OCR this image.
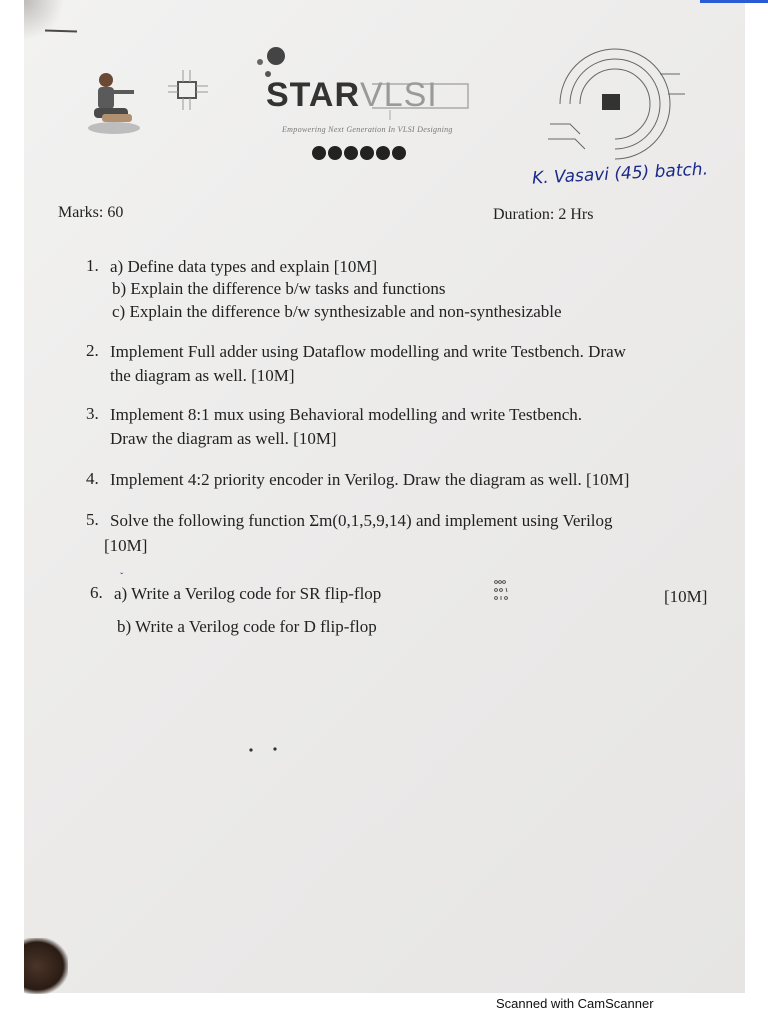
STARVLSI
Empowering Next Generation In VLSI Designing
K. Vasavi (45) batch.
Marks: 60	Duration: 2 Hrs
1. a) Define data types and explain [10M]
b) Explain the difference b/w tasks and functions
c) Explain the difference b/w synthesizable and non-synthesizable
2. Implement Full adder using Dataflow modelling and write Testbench. Draw
the diagram as well. [10M]
3. Implement 8:1 mux using Behavioral modelling and write Testbench.
Draw the diagram as well. [10M]
4. Implement 4:2 priority encoder in Verilog. Draw the diagram as well. [10M]
5. Solve the following function Σm(0,1,5,9,14) and implement using Verilog
[10M]
ˇ
6. a) Write a Verilog code for SR flip-flop	[10M]
b) Write a Verilog code for D flip-flop
Scanned with CamScanner
